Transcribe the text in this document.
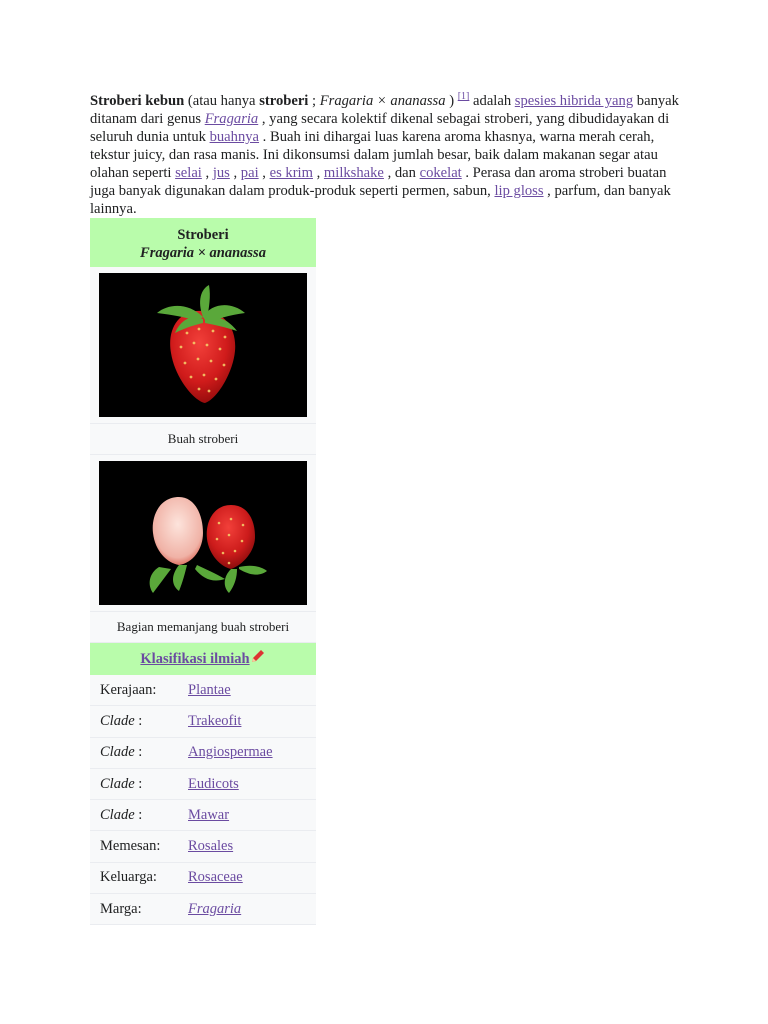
Stroberi kebun (atau hanya stroberi ; Fragaria × ananassa ) [1] adalah spesies hibrida yang banyak ditanam dari genus Fragaria , yang secara kolektif dikenal sebagai stroberi, yang dibudidayakan di seluruh dunia untuk buahnya . Buah ini dihargai luas karena aroma khasnya, warna merah cerah, tekstur juicy, dan rasa manis. Ini dikonsumsi dalam jumlah besar, baik dalam makanan segar atau olahan seperti selai , jus , pai , es krim , milkshake , dan cokelat . Perasa dan aroma stroberi buatan juga banyak digunakan dalam produk-produk seperti permen, sabun, lip gloss , parfum, dan banyak lainnya.

Stroberi
Fragaria × ananassa
Buah stroberi
Bagian memanjang buah stroberi
Klasifikasi ilmiah
Kerajaan:	Plantae
Clade :	Trakeofit
Clade :	Angiospermae
Clade :	Eudicots
Clade :	Mawar
Memesan:	Rosales
Keluarga:	Rosaceae
Marga:	Fragaria
